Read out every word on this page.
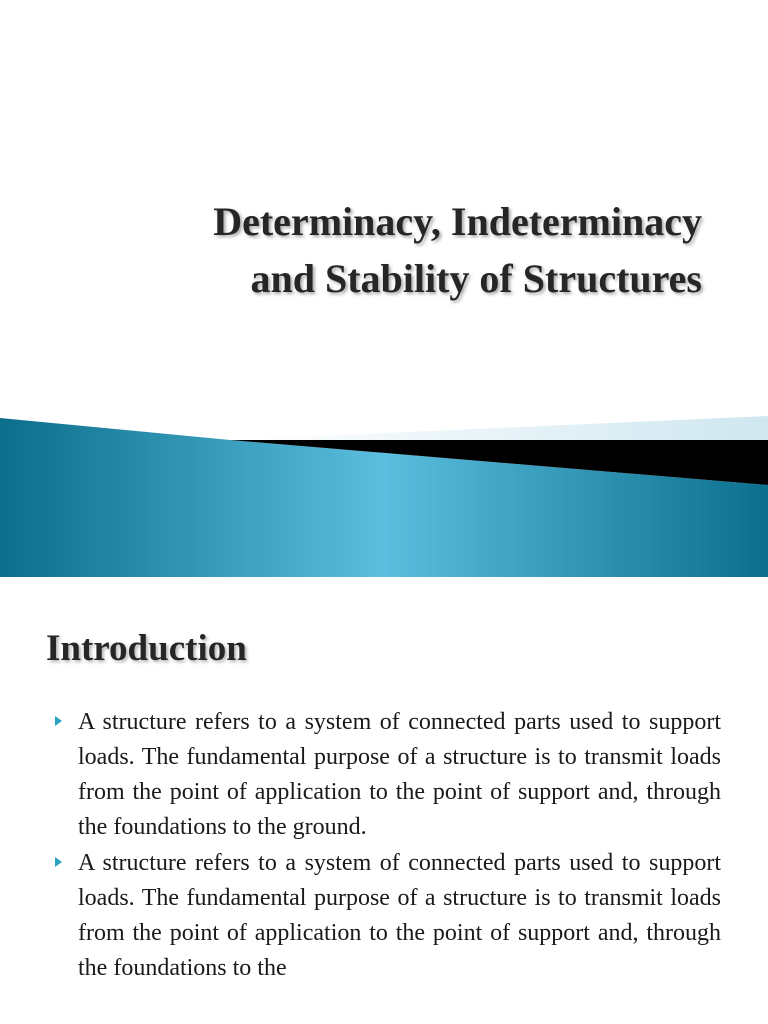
Determinacy, Indeterminacy
and Stability of Structures
Introduction
A structure refers to a system of connected parts used to support loads. The fundamental purpose of a structure is to transmit loads from the point of application to the point of support and, through the foundations to the ground.
A structure refers to a system of connected parts used to support loads. The fundamental purpose of a structure is to transmit loads from the point of application to the point of support and, through the foundations to the
